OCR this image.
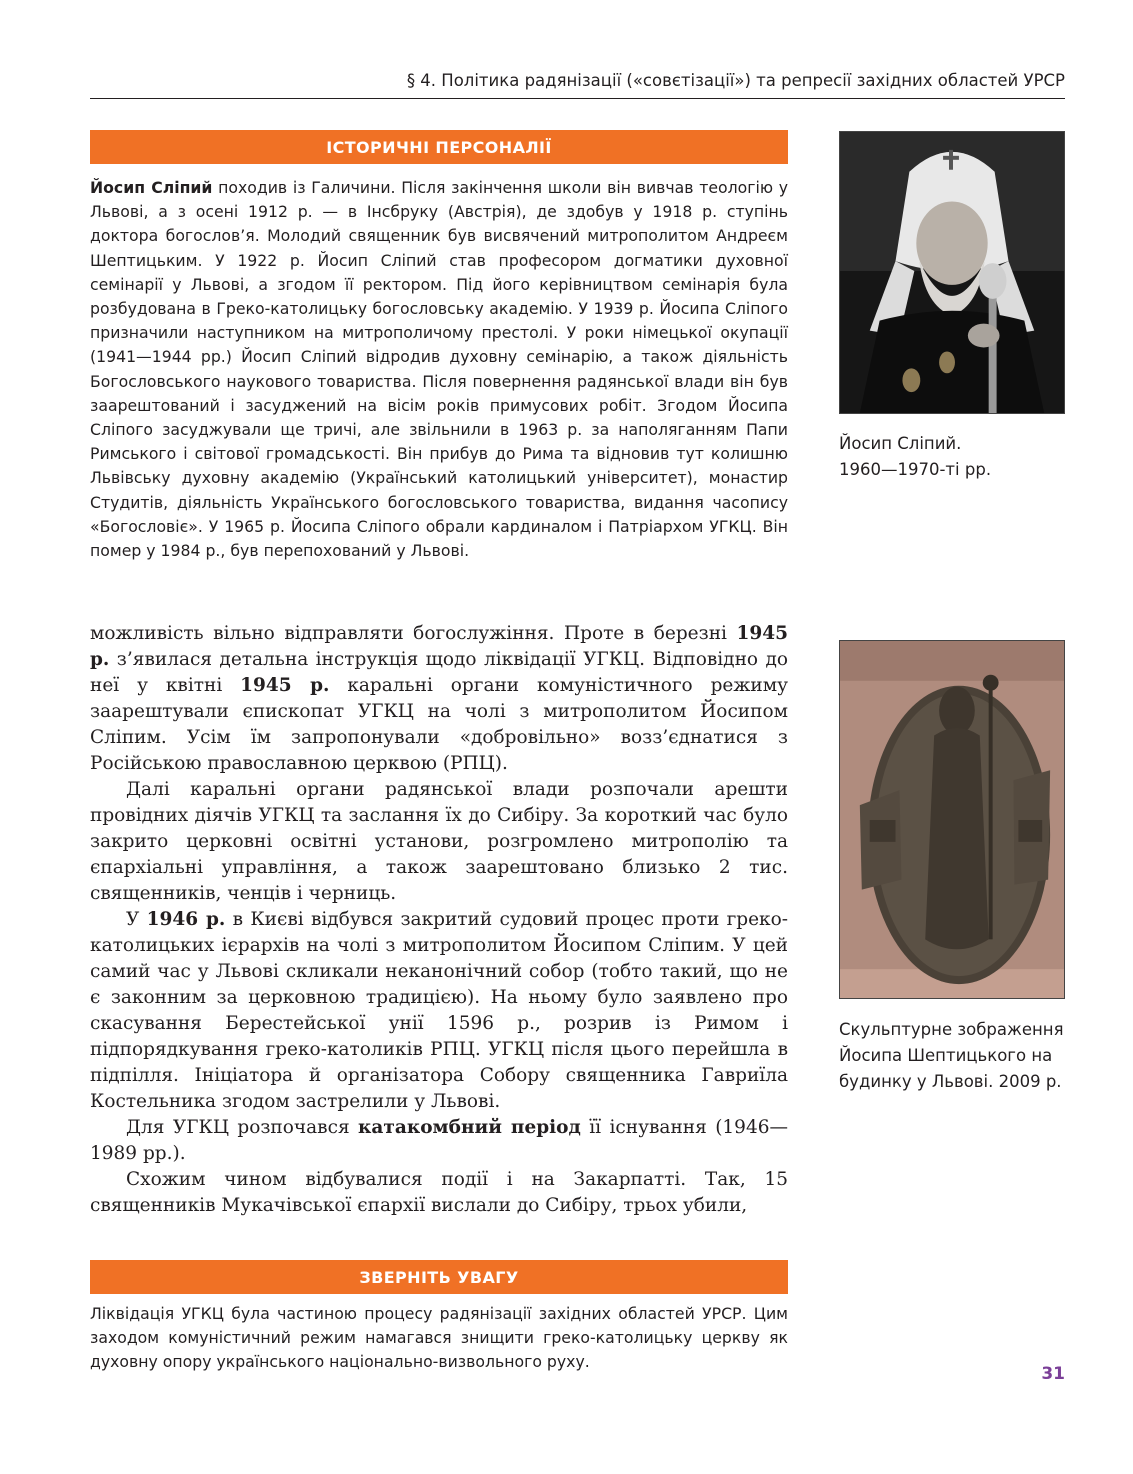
§ 4. Політика радянізації («совєтізації») та репресії західних областей УРСР
ІСТОРИЧНІ ПЕРСОНАЛІЇ
Йосип Сліпий походив із Галичини. Після закінчення школи він вивчав теологію у Львові, а з осені 1912 р. — в Інсбруку (Австрія), де здобув у 1918 р. ступінь доктора богослов’я. Молодий священник був висвячений митрополитом Андреєм Шептицьким. У 1922 р. Йосип Сліпий став професором догматики духовної семінарії у Львові, а згодом її ректором. Під його керівництвом семінарія була розбудована в Греко-католицьку богословську академію. У 1939 р. Йосипа Сліпого призначили наступником на митрополичому престолі. У роки німецької окупації (1941—1944 рр.) Йосип Сліпий відродив духовну семінарію, а також діяльність Богословського наукового товариства. Після повернення радянської влади він був заарештований і засуджений на вісім років примусових робіт. Згодом Йосипа Сліпого засуджували ще тричі, але звільнили в 1963 р. за наполяганням Папи Римського і світової громадськості. Він прибув до Рима та відновив тут колишню Львівську духовну академію (Український католицький університет), монастир Студитів, діяльність Українського богословського товариства, видання часопису «Богословіє». У 1965 р. Йосипа Сліпого обрали кардиналом і Патріархом УГКЦ. Він помер у 1984 р., був перепохований у Львові.
Йосип Сліпий.
1960—1970-ті рр.

можливість вільно відправляти богослужіння. Проте в березні 1945 р. з’явилася детальна інструкція щодо ліквідації УГКЦ. Відповідно до неї у квітні 1945 р. каральні органи комуністичного режиму заарештували єпископат УГКЦ на чолі з митрополитом Йосипом Сліпим. Усім їм запропонували «добровільно» возз’єднатися з Російською православною церквою (РПЦ).

Далі каральні органи радянської влади розпочали арешти провідних діячів УГКЦ та заслання їх до Сибіру. За короткий час було закрито церковні освітні установи, розгромлено митрополію та єпархіальні управління, а також заарештовано близько 2 тис. священників, ченців і черниць.

У 1946 р. в Києві відбувся закритий судовий процес проти греко-католицьких ієрархів на чолі з митрополитом Йосипом Сліпим. У цей самий час у Львові скликали неканонічний собор (тобто такий, що не є законним за церковною традицією). На ньому було заявлено про скасування Берестейської унії 1596 р., розрив із Римом і підпорядкування греко-католиків РПЦ. УГКЦ після цього перейшла в підпілля. Ініціатора й організатора Собору священника Гавриїла Костельника згодом застрелили у Львові.

Для УГКЦ розпочався катакомбний період її існування (1946—1989 рр.).

Схожим чином відбувалися події і на Закарпатті. Так, 15 священників Мукачівської єпархії вислали до Сибіру, трьох убили,

Скульптурне зображення
Йосипа Шептицького на
будинку у Львові. 2009 р.
ЗВЕРНІТЬ УВАГУ
Ліквідація УГКЦ була частиною процесу радянізації західних областей УРСР. Цим заходом комуністичний режим намагався знищити греко-католицьку церкву як духовну опору українського національно-визвольного руху.
31
